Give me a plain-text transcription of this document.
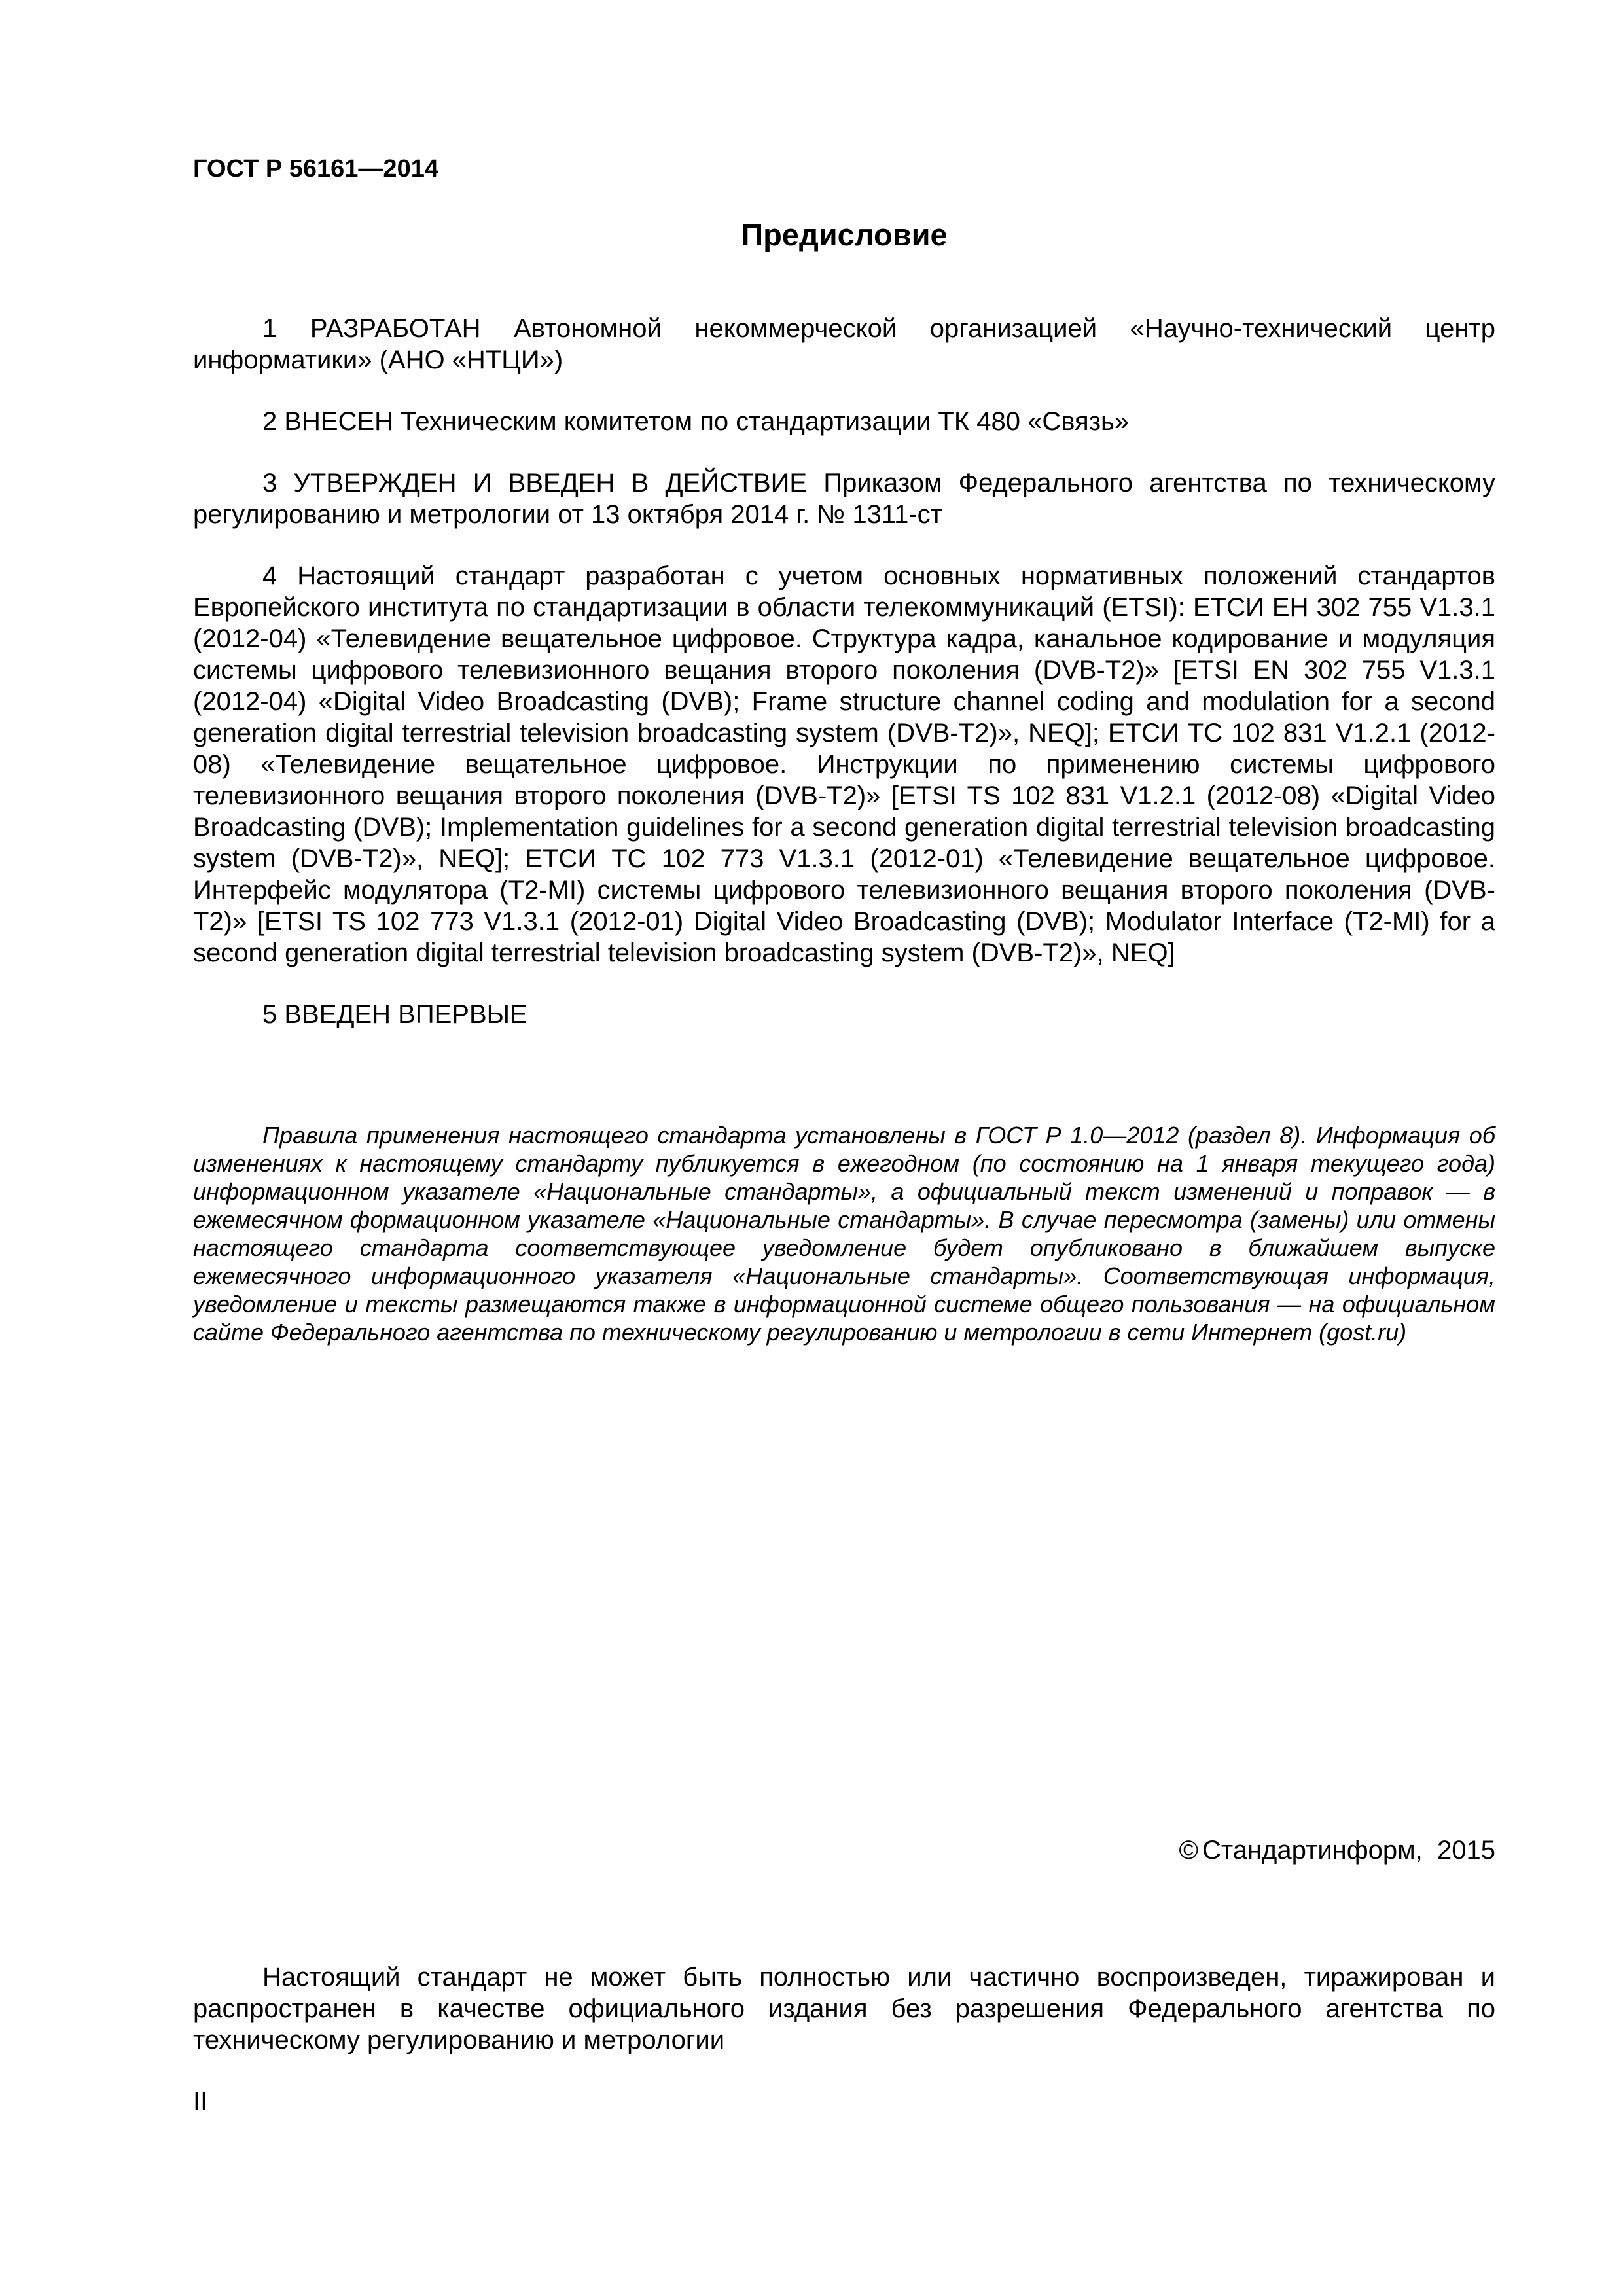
ГОСТ Р 56161—2014

Предисловие

1 РАЗРАБОТАН Автономной некоммерческой организацией «Научно-технический центр информатики» (АНО «НТЦИ»)

2 ВНЕСЕН Техническим комитетом по стандартизации ТК 480 «Связь»

3 УТВЕРЖДЕН И ВВЕДЕН В ДЕЙСТВИЕ Приказом Федерального агентства по техническому регулированию и метрологии от 13 октября 2014 г. № 1311-ст

4 Настоящий стандарт разработан с учетом основных нормативных положений стандартов Европейского института по стандартизации в области телекоммуникаций (ETSI): ЕТСИ ЕН 302 755 V1.3.1 (2012-04) «Телевидение вещательное цифровое. Структура кадра, канальное кодирование и модуляция системы цифрового телевизионного вещания второго поколения (DVB-T2)» [ETSI EN 302 755 V1.3.1 (2012-04) «Digital Video Broadcasting (DVB); Frame structure channel coding and modulation for a second generation digital terrestrial television broadcasting system (DVB-T2)», NEQ]; ЕТСИ ТС 102 831 V1.2.1 (2012-08) «Телевидение вещательное цифровое. Инструкции по применению системы цифрового телевизионного вещания второго поколения (DVB-T2)» [ETSI TS 102 831 V1.2.1 (2012-08) «Digital Video Broadcasting (DVB); Implementation guidelines for a second generation digital terrestrial television broadcasting system (DVB-T2)», NEQ]; ЕТСИ ТС 102 773 V1.3.1 (2012-01) «Телевидение вещательное цифровое. Интерфейс модулятора (T2-MI) системы цифрового телевизионного вещания второго поколения (DVB-T2)» [ETSI TS 102 773 V1.3.1 (2012-01) Digital Video Broadcasting (DVB); Modulator Interface (T2-MI) for a second generation digital terrestrial television broadcasting system (DVB-T2)», NEQ]

5 ВВЕДЕН ВПЕРВЫЕ

Правила применения настоящего стандарта установлены в ГОСТ Р 1.0—2012 (раздел 8). Информация об изменениях к настоящему стандарту публикуется в ежегодном (по состоянию на 1 января текущего года) информационном указателе «Национальные стандарты», а официальный текст изменений и поправок — в ежемесячном формационном указателе «Национальные стандарты». В случае пересмотра (замены) или отмены настоящего стандарта соответствующее уведомление будет опубликовано в ближайшем выпуске ежемесячного информационного указателя «Национальные стандарты». Соответствующая информация, уведомление и тексты размещаются также в информационной системе общего пользования — на официальном сайте Федерального агентства по техническому регулированию и метрологии в сети Интернет (gost.ru)

© Стандартинформ, 2015

Настоящий стандарт не может быть полностью или частично воспроизведен, тиражирован и распространен в качестве официального издания без разрешения Федерального агентства по техническому регулированию и метрологии

II
